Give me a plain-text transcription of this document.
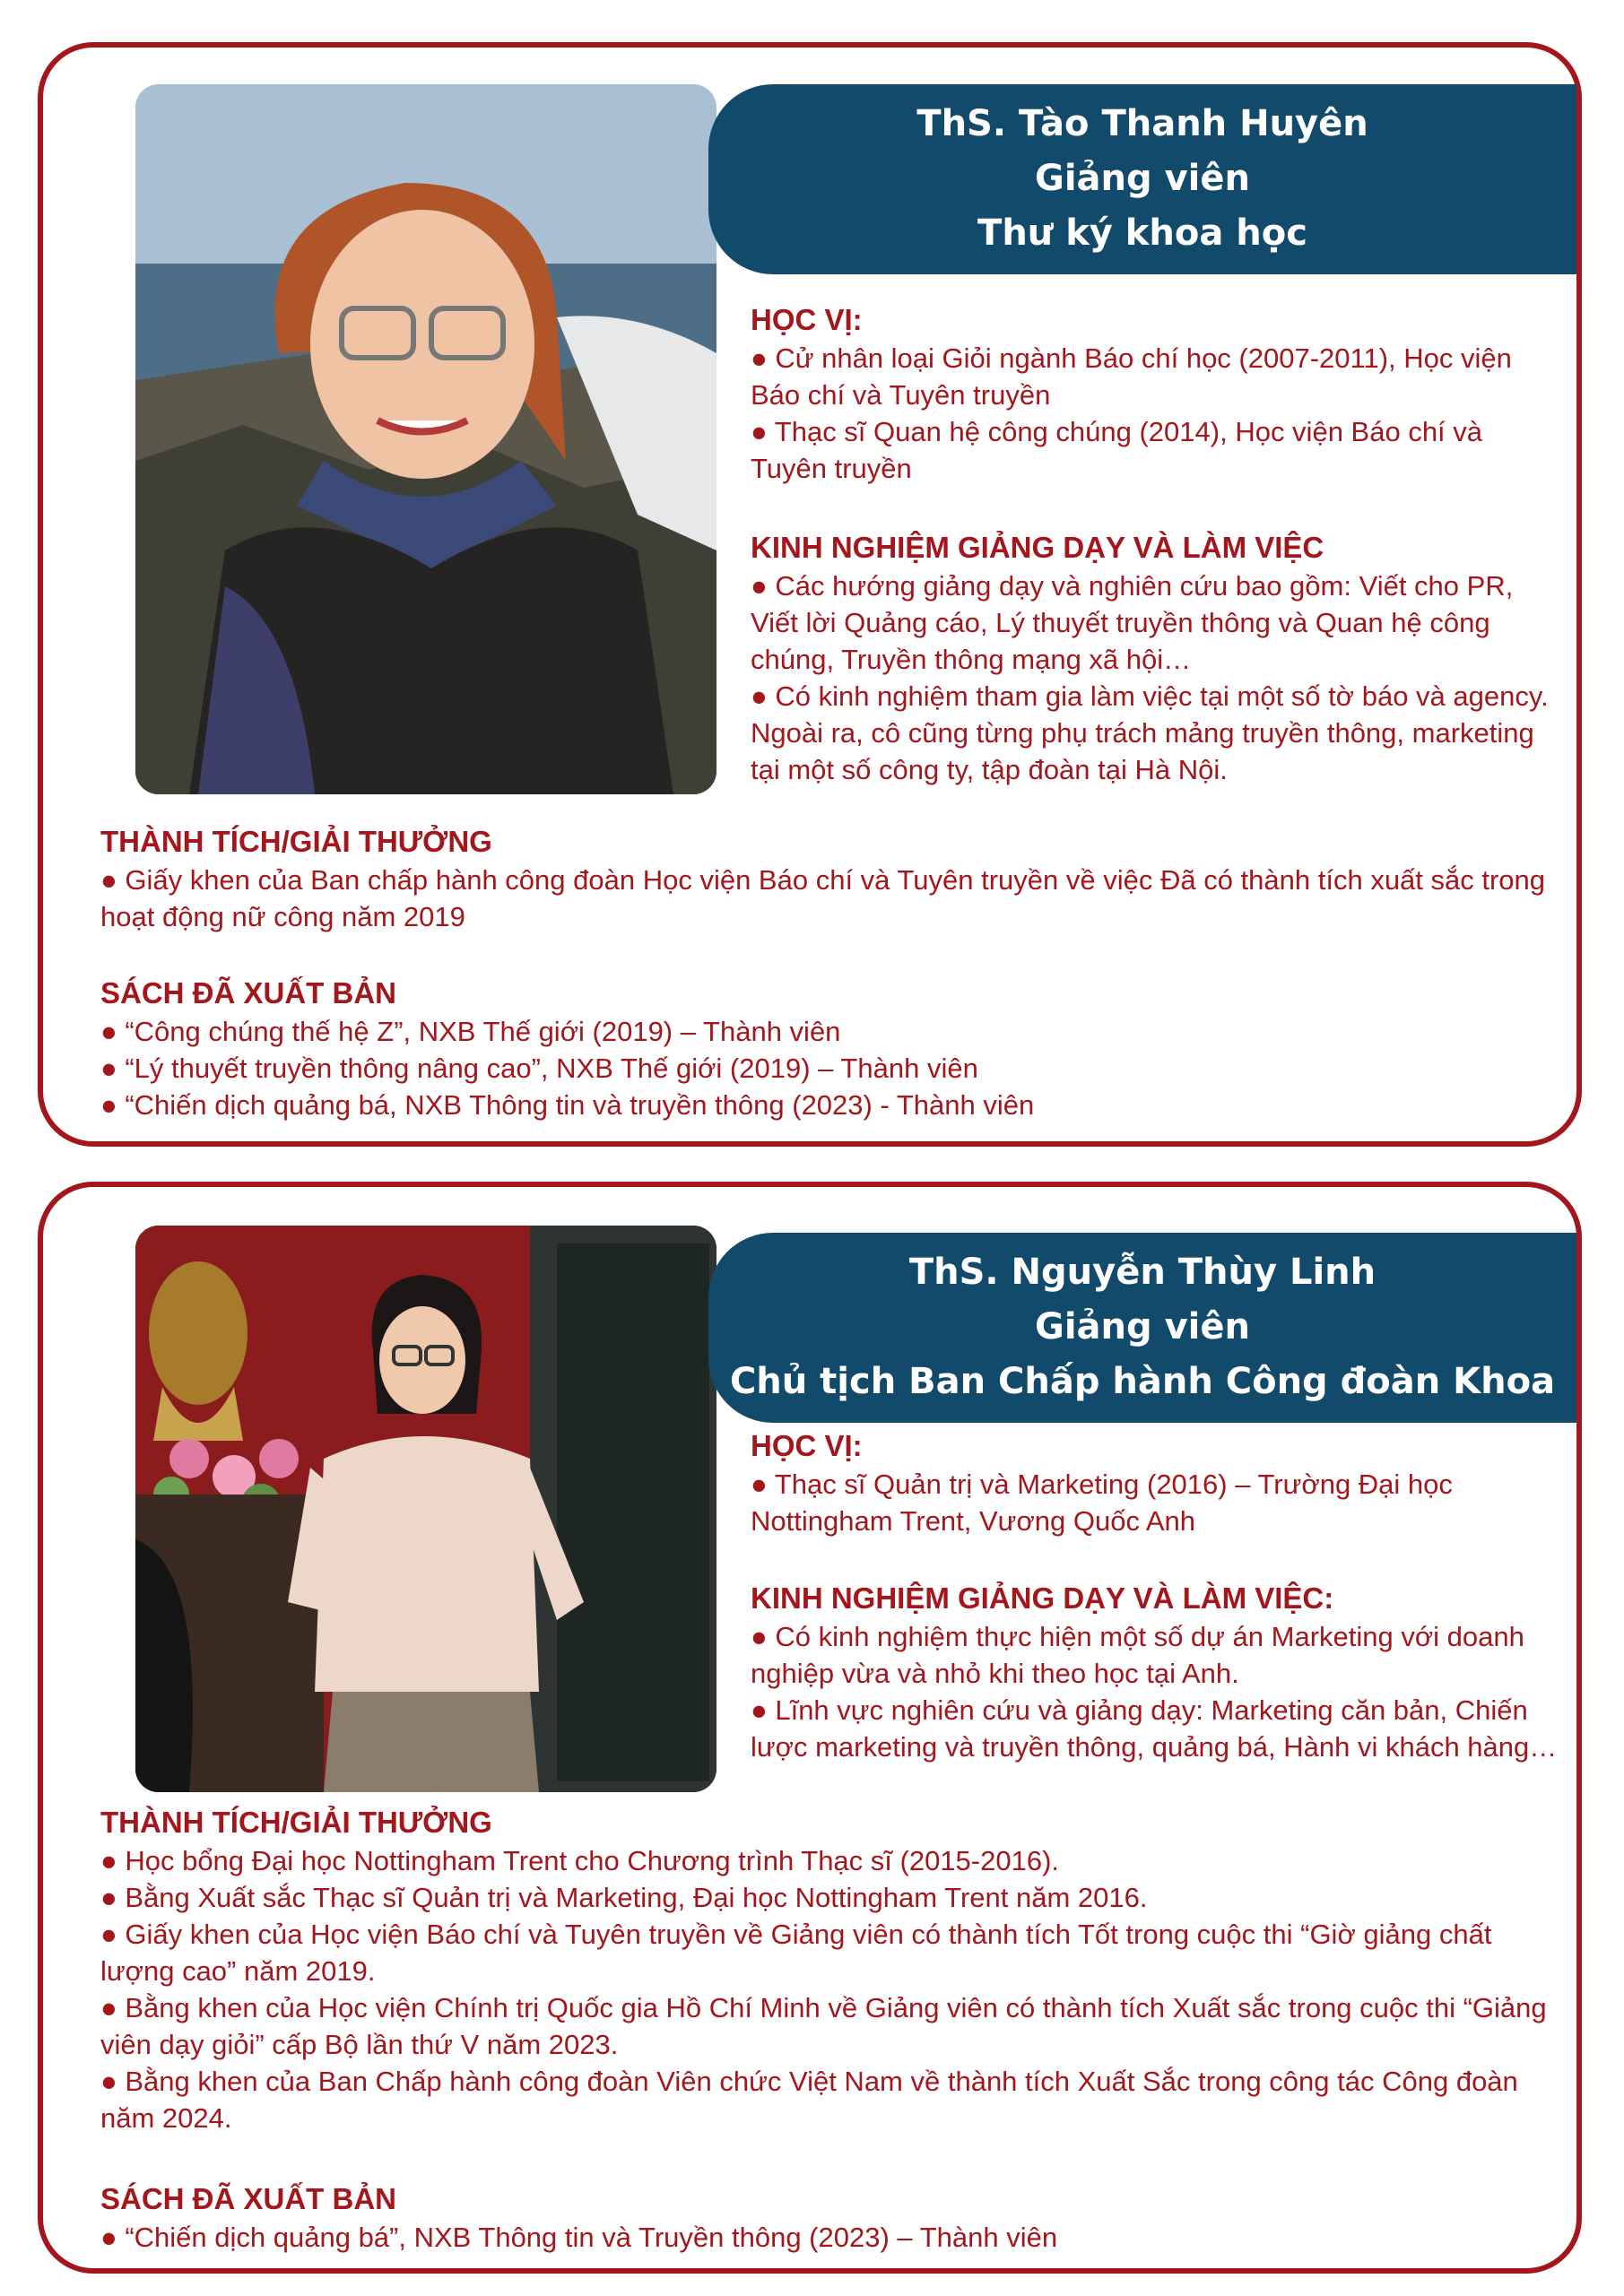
ThS. Tào Thanh Huyên
Giảng viên
Thư ký khoa học
HỌC VỊ:

● Cử nhân loại Giỏi ngành Báo chí học (2007-2011), Học viện Báo chí và Tuyên truyền

● Thạc sĩ Quan hệ công chúng (2014), Học viện Báo chí và Tuyên truyền

KINH NGHIỆM GIẢNG DẠY VÀ LÀM VIỆC

● Các hướng giảng dạy và nghiên cứu bao gồm: Viết cho PR, Viết lời Quảng cáo, Lý thuyết truyền thông và Quan hệ công chúng, Truyền thông mạng xã hội…

● Có kinh nghiệm tham gia làm việc tại một số tờ báo và agency. Ngoài ra, cô cũng từng phụ trách mảng truyền thông, marketing tại một số công ty, tập đoàn tại Hà Nội.

THÀNH TÍCH/GIẢI THƯỞNG

● Giấy khen của Ban chấp hành công đoàn Học viện Báo chí và Tuyên truyền về việc Đã có thành tích xuất sắc trong hoạt động nữ công năm 2019

SÁCH ĐÃ XUẤT BẢN

● “Công chúng thế hệ Z”, NXB Thế giới (2019) – Thành viên

● “Lý thuyết truyền thông nâng cao”, NXB Thế giới (2019) – Thành viên

● “Chiến dịch quảng bá, NXB Thông tin và truyền thông (2023) - Thành viên

ThS. Nguyễn Thùy Linh
Giảng viên
Chủ tịch Ban Chấp hành Công đoàn Khoa
HỌC VỊ:

● Thạc sĩ Quản trị và Marketing (2016) – Trường Đại học Nottingham Trent, Vương Quốc Anh

KINH NGHIỆM GIẢNG DẠY VÀ LÀM VIỆC:

● Có kinh nghiệm thực hiện một số dự án Marketing với doanh nghiệp vừa và nhỏ khi theo học tại Anh.

● Lĩnh vực nghiên cứu và giảng dạy: Marketing căn bản, Chiến lược marketing và truyền thông, quảng bá, Hành vi khách hàng…

THÀNH TÍCH/GIẢI THƯỞNG

● Học bổng Đại học Nottingham Trent cho Chương trình Thạc sĩ (2015-2016).

● Bằng Xuất sắc Thạc sĩ Quản trị và Marketing, Đại học Nottingham Trent năm 2016.

● Giấy khen của Học viện Báo chí và Tuyên truyền về Giảng viên có thành tích Tốt trong cuộc thi “Giờ giảng chất lượng cao” năm 2019.

● Bằng khen của Học viện Chính trị Quốc gia Hồ Chí Minh về Giảng viên có thành tích Xuất sắc trong cuộc thi “Giảng viên dạy giỏi” cấp Bộ lần thứ V năm 2023.

● Bằng khen của Ban Chấp hành công đoàn Viên chức Việt Nam về thành tích Xuất Sắc trong công tác Công đoàn năm 2024.

SÁCH ĐÃ XUẤT BẢN

● “Chiến dịch quảng bá”, NXB Thông tin và Truyền thông (2023) – Thành viên
